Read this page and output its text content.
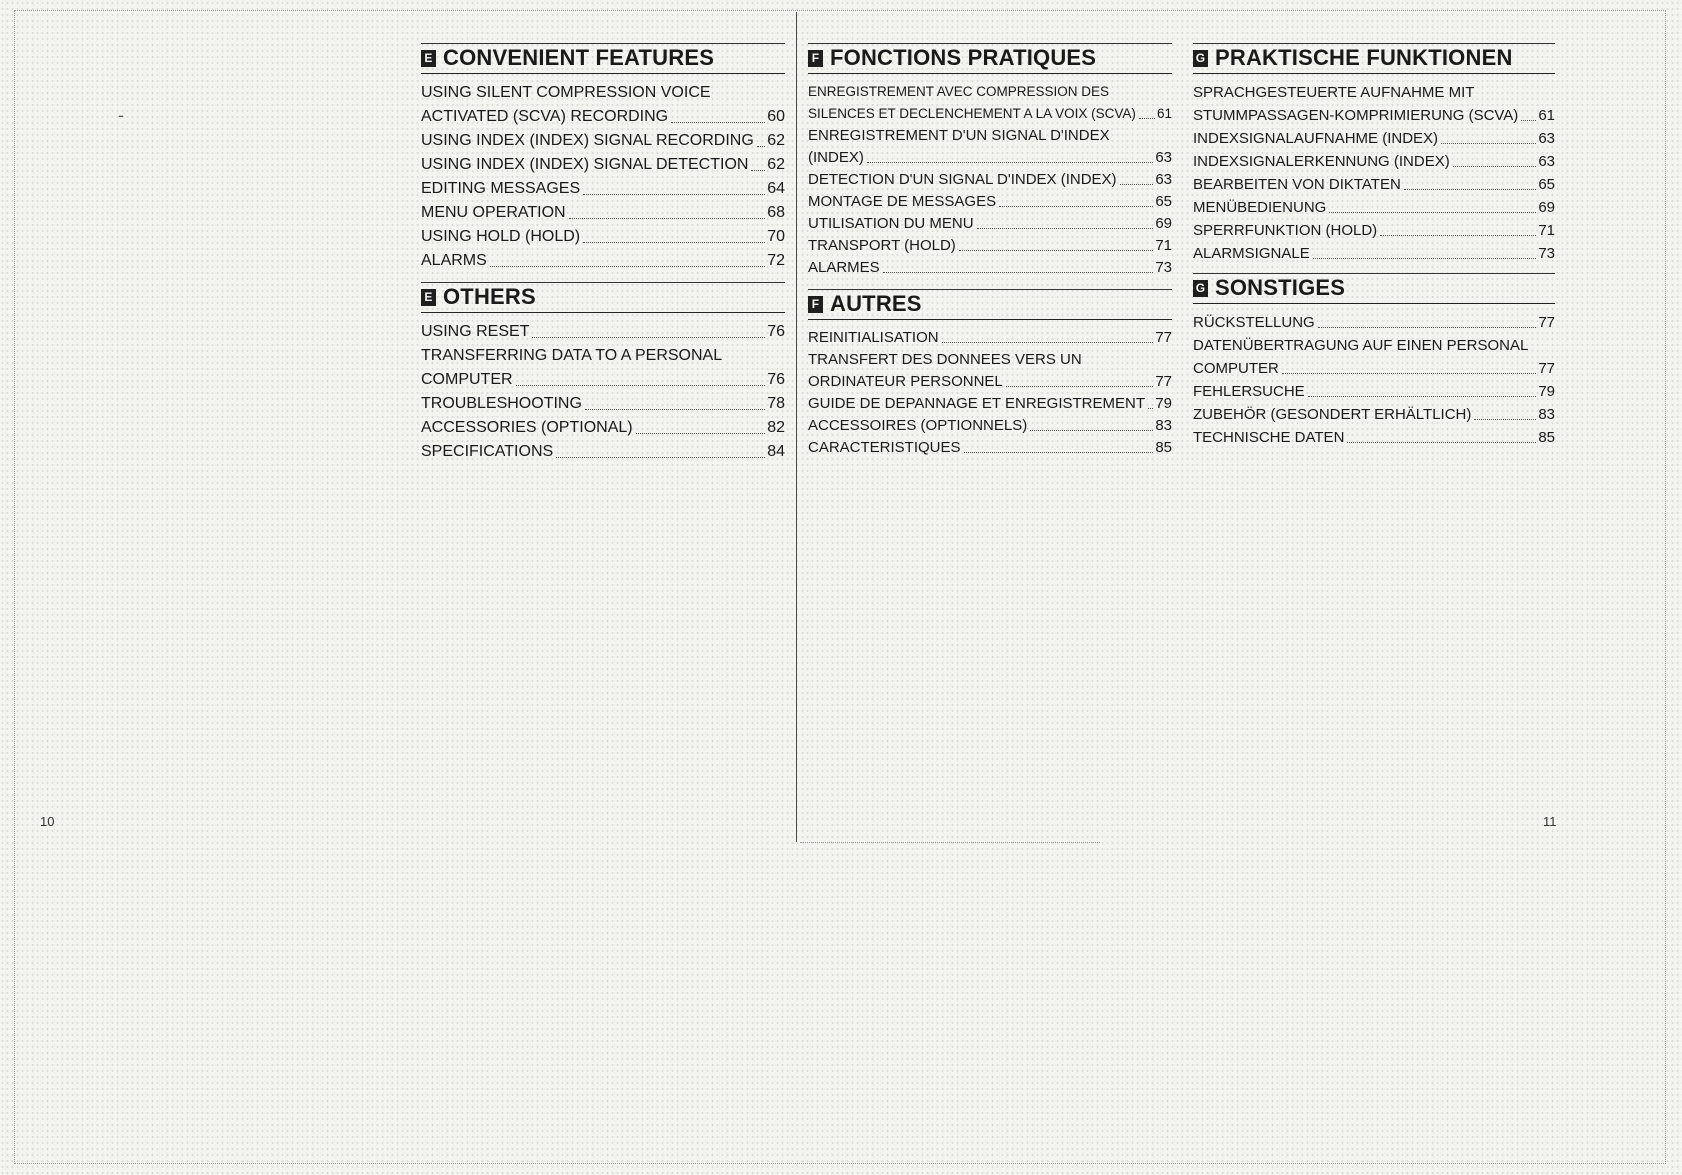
ـ
E CONVENIENT FEATURES
USING SILENT COMPRESSION VOICE
ACTIVATED (SCVA) RECORDING	60
USING INDEX (INDEX) SIGNAL RECORDING 62
USING INDEX (INDEX) SIGNAL DETECTION 62
EDITING MESSAGES	64
MENU OPERATION	68
USING HOLD (HOLD)	70
ALARMS	72
E OTHERS
USING RESET	76
TRANSFERRING DATA TO A PERSONAL
COMPUTER	76
TROUBLESHOOTING	78
ACCESSORIES (OPTIONAL)	82
SPECIFICATIONS	84
F FONCTIONS PRATIQUES
ENREGISTREMENT AVEC COMPRESSION DES
SILENCES ET DECLENCHEMENT A LA VOIX (SCVA) 61
ENREGISTREMENT D'UN SIGNAL D'INDEX
(INDEX)	63
DETECTION D'UN SIGNAL D'INDEX (INDEX)	63
MONTAGE DE MESSAGES	65
UTILISATION DU MENU	69
TRANSPORT (HOLD)	71
ALARMES	73
F AUTRES
REINITIALISATION	77
TRANSFERT DES DONNEES VERS UN
ORDINATEUR PERSONNEL	77
GUIDE DE DEPANNAGE ET ENREGISTREMENT 79
ACCESSOIRES (OPTIONNELS)	83
CARACTERISTIQUES	85
G PRAKTISCHE FUNKTIONEN
SPRACHGESTEUERTE AUFNAHME MIT
STUMMPASSAGEN-KOMPRIMIERUNG (SCVA) 61
INDEXSIGNALAUFNAHME (INDEX)	63
INDEXSIGNALERKENNUNG (INDEX)	63
BEARBEITEN VON DIKTATEN	65
MENÜBEDIENUNG	69
SPERRFUNKTION (HOLD)	71
ALARMSIGNALE	73
G SONSTIGES
RÜCKSTELLUNG	77
DATENÜBERTRAGUNG AUF EINEN PERSONAL
COMPUTER	77
FEHLERSUCHE	79
ZUBEHÖR (GESONDERT ERHÄLTLICH)	83
TECHNISCHE DATEN	85
10	11
